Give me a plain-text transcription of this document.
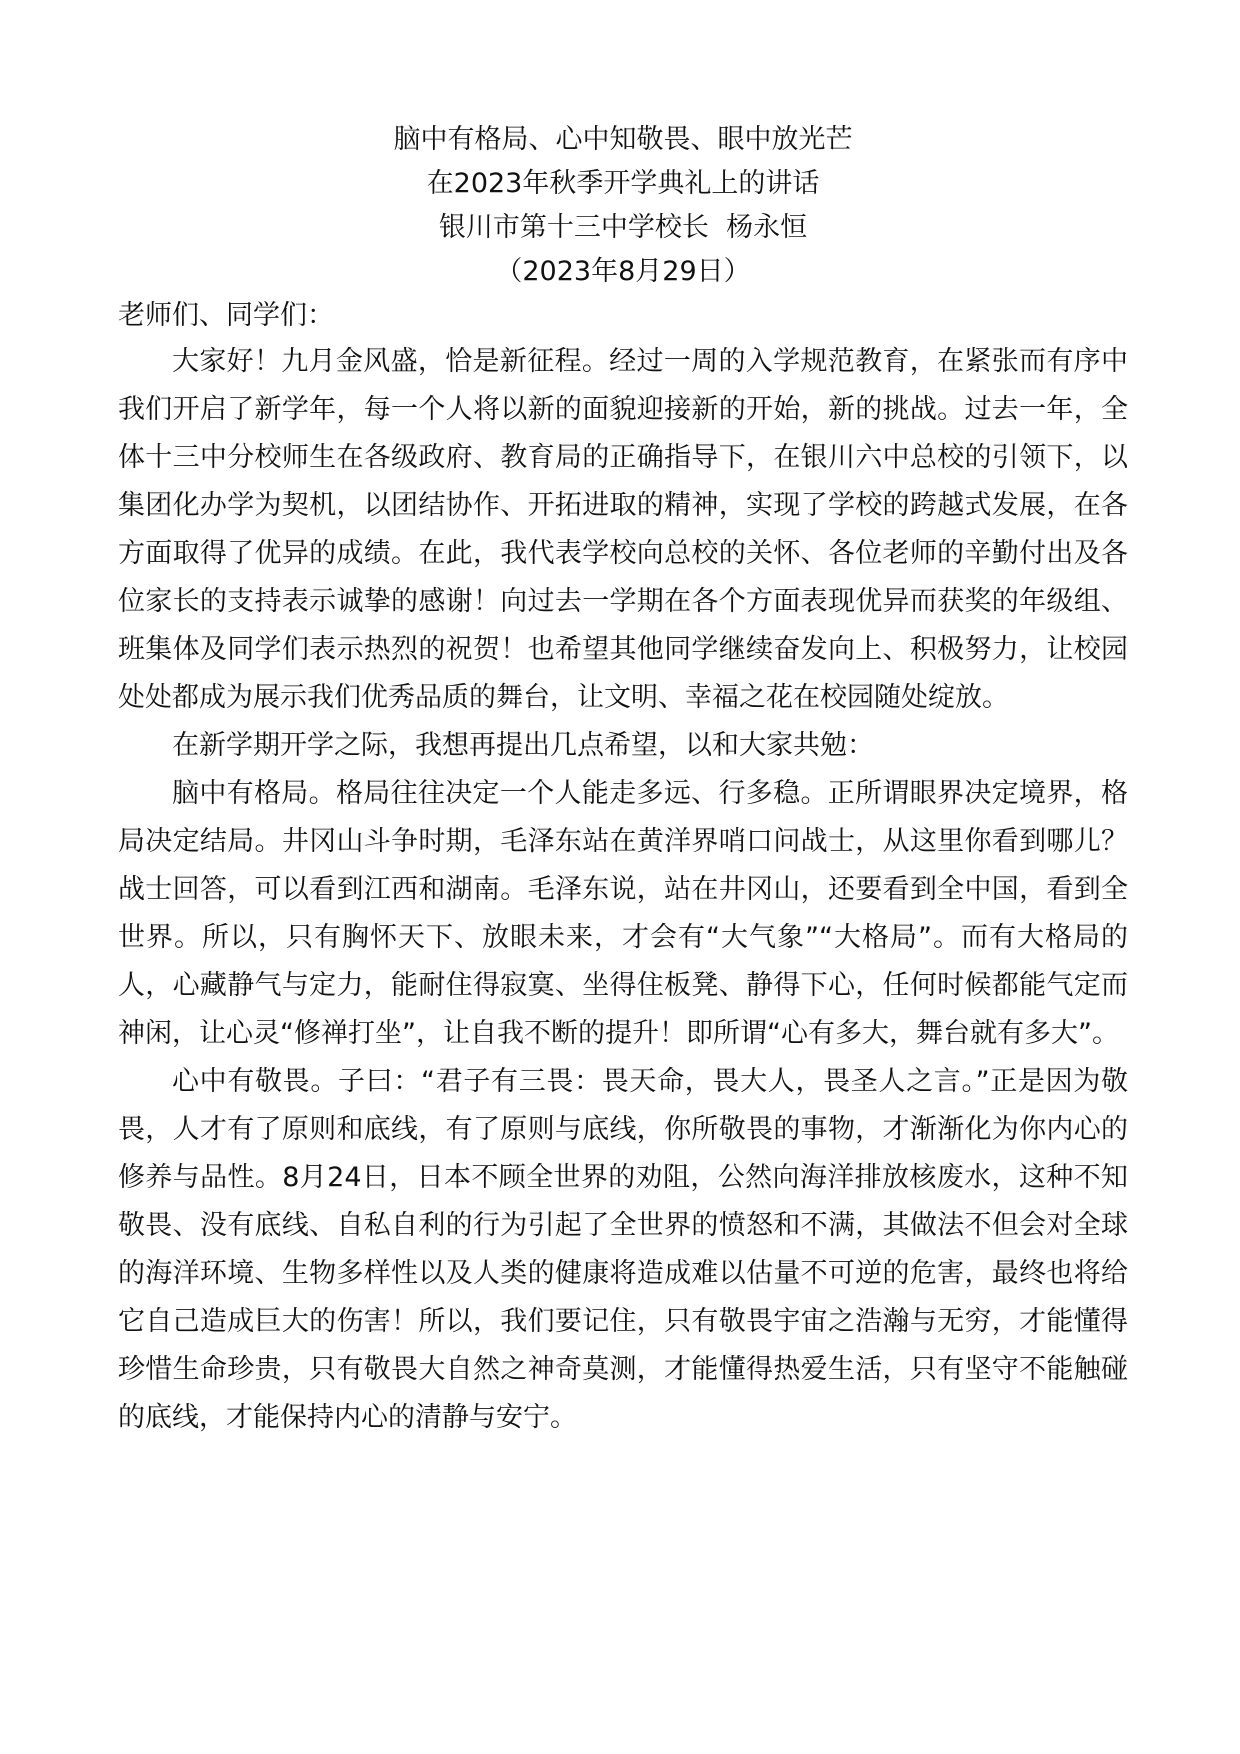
脑中有格局、心中知敬畏、眼中放光芒
在2023年秋季开学典礼上的讲话
银川市第十三中学校长  杨永恒
（2023年8月29日）
老师们、同学们：

大家好！九月金风盛，恰是新征程。经过一周的入学规范教育，在紧张而有序中我们开启了新学年，每一个人将以新的面貌迎接新的开始，新的挑战。过去一年，全体十三中分校师生在各级政府、教育局的正确指导下，在银川六中总校的引领下，以集团化办学为契机，以团结协作、开拓进取的精神，实现了学校的跨越式发展，在各方面取得了优异的成绩。在此，我代表学校向总校的关怀、各位老师的辛勤付出及各位家长的支持表示诚挚的感谢！向过去一学期在各个方面表现优异而获奖的年级组、班集体及同学们表示热烈的祝贺！也希望其他同学继续奋发向上、积极努力，让校园处处都成为展示我们优秀品质的舞台，让文明、幸福之花在校园随处绽放。

在新学期开学之际，我想再提出几点希望，以和大家共勉：

脑中有格局。格局往往决定一个人能走多远、行多稳。正所谓眼界决定境界，格局决定结局。井冈山斗争时期，毛泽东站在黄洋界哨口问战士，从这里你看到哪儿？战士回答，可以看到江西和湖南。毛泽东说，站在井冈山，还要看到全中国，看到全世界。所以，只有胸怀天下、放眼未来，才会有“大气象”“大格局”。而有大格局的人，心藏静气与定力，能耐住得寂寞、坐得住板凳、静得下心，任何时候都能气定而神闲，让心灵“修禅打坐”，让自我不断的提升！即所谓“心有多大，舞台就有多大”。

心中有敬畏。子曰：“君子有三畏：畏天命，畏大人，畏圣人之言。”正是因为敬畏，人才有了原则和底线，有了原则与底线，你所敬畏的事物，才渐渐化为你内心的修养与品性。8月24日，日本不顾全世界的劝阻，公然向海洋排放核废水，这种不知敬畏、没有底线、自私自利的行为引起了全世界的愤怒和不满，其做法不但会对全球的海洋环境、生物多样性以及人类的健康将造成难以估量不可逆的危害，最终也将给它自己造成巨大的伤害！所以，我们要记住，只有敬畏宇宙之浩瀚与无穷，才能懂得珍惜生命珍贵，只有敬畏大自然之神奇莫测，才能懂得热爱生活，只有坚守不能触碰的底线，才能保持内心的清静与安宁。
